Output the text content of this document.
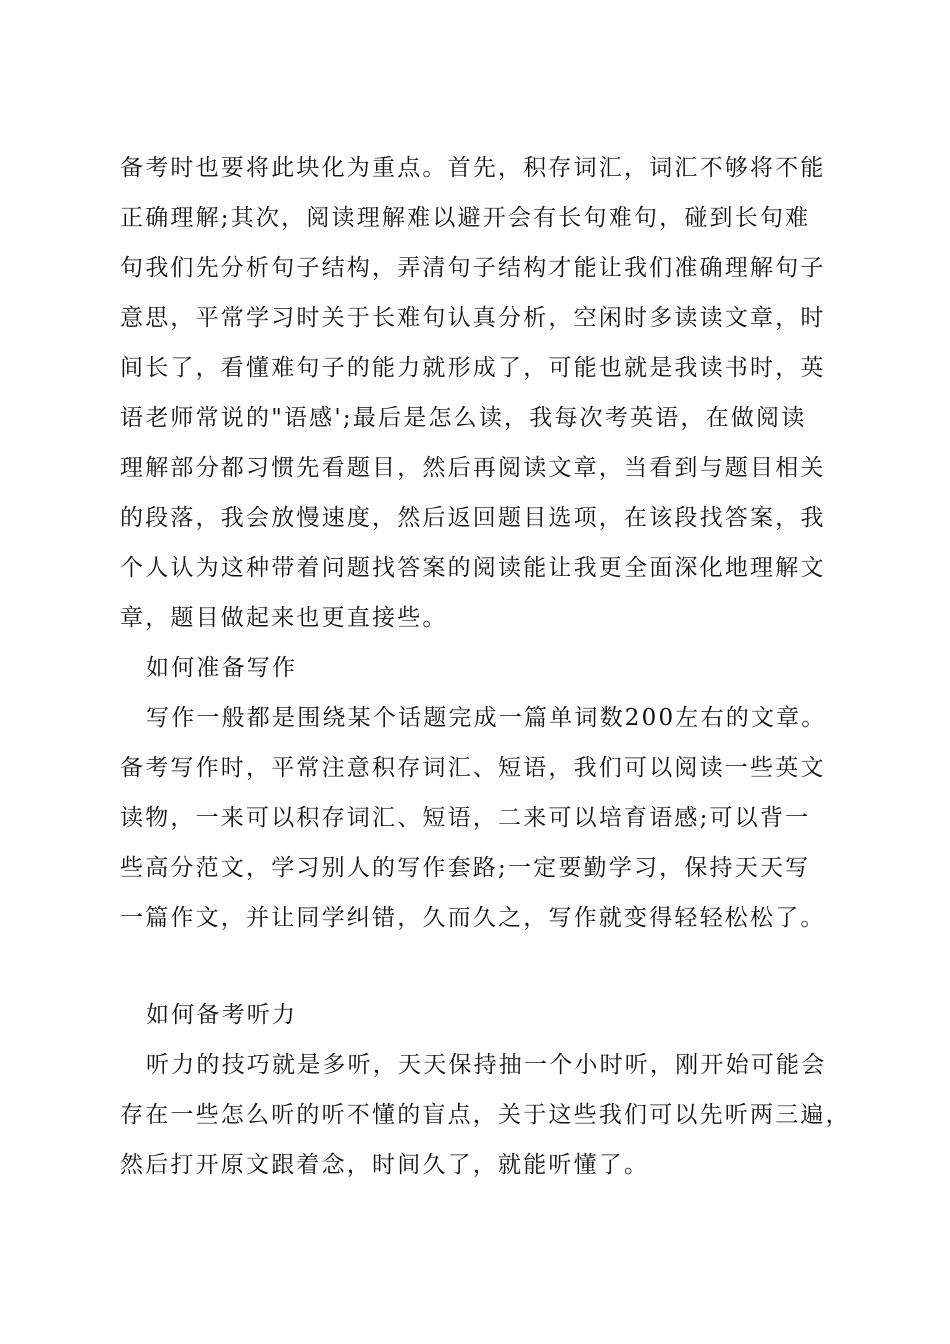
备考时也要将此块化为重点。首先，积存词汇，词汇不够将不能
正确理解;其次，阅读理解难以避开会有长句难句，碰到长句难
句我们先分析句子结构，弄清句子结构才能让我们准确理解句子
意思，平常学习时关于长难句认真分析，空闲时多读读文章，时
间长了，看懂难句子的能力就形成了，可能也就是我读书时，英
语老师常说的"语感';最后是怎么读，我每次考英语，在做阅读
理解部分都习惯先看题目，然后再阅读文章，当看到与题目相关
的段落，我会放慢速度，然后返回题目选项，在该段找答案，我
个人认为这种带着问题找答案的阅读能让我更全面深化地理解文
章，题目做起来也更直接些。
如何准备写作
写作一般都是围绕某个话题完成一篇单词数200左右的文章。
备考写作时，平常注意积存词汇、短语，我们可以阅读一些英文
读物，一来可以积存词汇、短语，二来可以培育语感;可以背一
些高分范文，学习别人的写作套路;一定要勤学习，保持天天写
一篇作文，并让同学纠错，久而久之，写作就变得轻轻松松了。
如何备考听力
听力的技巧就是多听，天天保持抽一个小时听，刚开始可能会
存在一些怎么听的听不懂的盲点，关于这些我们可以先听两三遍，
然后打开原文跟着念，时间久了，就能听懂了。
